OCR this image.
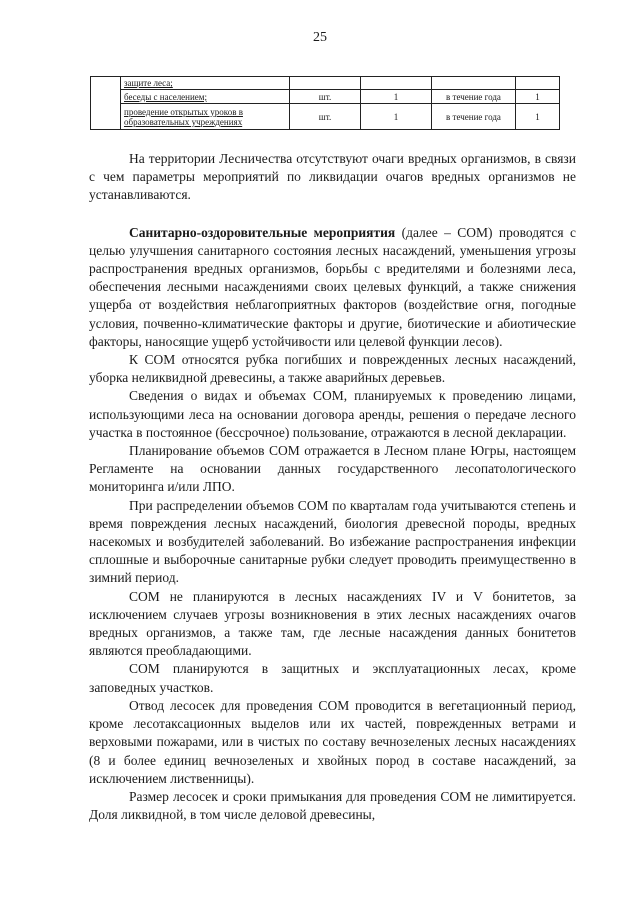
25
	защите леса;				
	беседы с населением;	шт.	1	в течение года	1
	проведение открытых уроков в образовательных учреждениях	шт.	1	в течение года	1

На территории Лесничества отсутствуют очаги вредных организмов, в связи с чем параметры мероприятий по ликвидации очагов вредных организмов не устанавливаются.

Санитарно-оздоровительные мероприятия (далее – СОМ) проводятся с целью улучшения санитарного состояния лесных насаждений, уменьшения угрозы распространения вредных организмов, борьбы с вредителями и болезнями леса, обеспечения лесными насаждениями своих целевых функций, а также снижения ущерба от воздействия неблагоприятных факторов (воздействие огня, погодные условия, почвенно-климатические факторы и другие, биотические и абиотические факторы, наносящие ущерб устойчивости или целевой функции лесов).

К СОМ относятся рубка погибших и поврежденных лесных насаждений, уборка неликвидной древесины, а также аварийных деревьев.

Сведения о видах и объемах СОМ, планируемых к проведению лицами, использующими леса на основании договора аренды, решения о передаче лесного участка в постоянное (бессрочное) пользование, отражаются в лесной декларации.

Планирование объемов СОМ отражается в Лесном плане Югры, настоящем Регламенте на основании данных государственного лесопатологического мониторинга и/или ЛПО.

При распределении объемов СОМ по кварталам года учитываются степень и время повреждения лесных насаждений, биология древесной породы, вредных насекомых и возбудителей заболеваний. Во избежание распространения инфекции сплошные и выборочные санитарные рубки следует проводить преимущественно в зимний период.

СОМ не планируются в лесных насаждениях IV и V бонитетов, за исключением случаев угрозы возникновения в этих лесных насаждениях очагов вредных организмов, а также там, где лесные насаждения данных бонитетов являются преобладающими.

СОМ планируются в защитных и эксплуатационных лесах, кроме заповедных участков.

Отвод лесосек для проведения СОМ проводится в вегетационный период, кроме лесотаксационных выделов или их частей, поврежденных ветрами и верховыми пожарами, или в чистых по составу вечнозеленых лесных насаждениях (8 и более единиц вечнозеленых и хвойных пород в составе насаждений, за исключением лиственницы).

Размер лесосек и сроки примыкания для проведения СОМ не лимитируется. Доля ликвидной, в том числе деловой древесины,
